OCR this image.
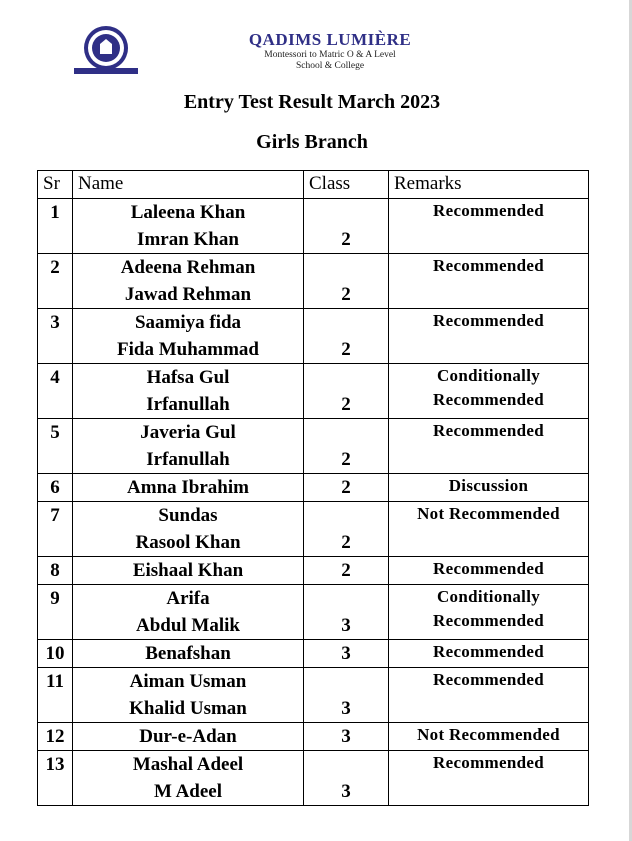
QADIMS LUMIÈRE
Montessori to Matric O & A Level
School & College
Entry Test Result March 2023
Girls Branch
Sr	Name	Class	Remarks
1	Laleena Khan
Imran Khan	2	Recommended
2	Adeena Rehman
Jawad Rehman	2	Recommended
3	Saamiya fida
Fida Muhammad	2	Recommended
4	Hafsa Gul
Irfanullah	2	Conditionally
Recommended

5	Javeria Gul
Irfanullah	2	Recommended
6	Amna Ibrahim	2	Discussion
7	Sundas
Rasool Khan	2	Not Recommended
8	Eishaal Khan	2	Recommended
9	Arifa
Abdul Malik	3	Conditionally
Recommended

10	Benafshan	3	Recommended
11	Aiman Usman
Khalid Usman	3	Recommended
12	Dur-e-Adan	3	Not Recommended
13	Mashal Adeel
M Adeel	3	Recommended
